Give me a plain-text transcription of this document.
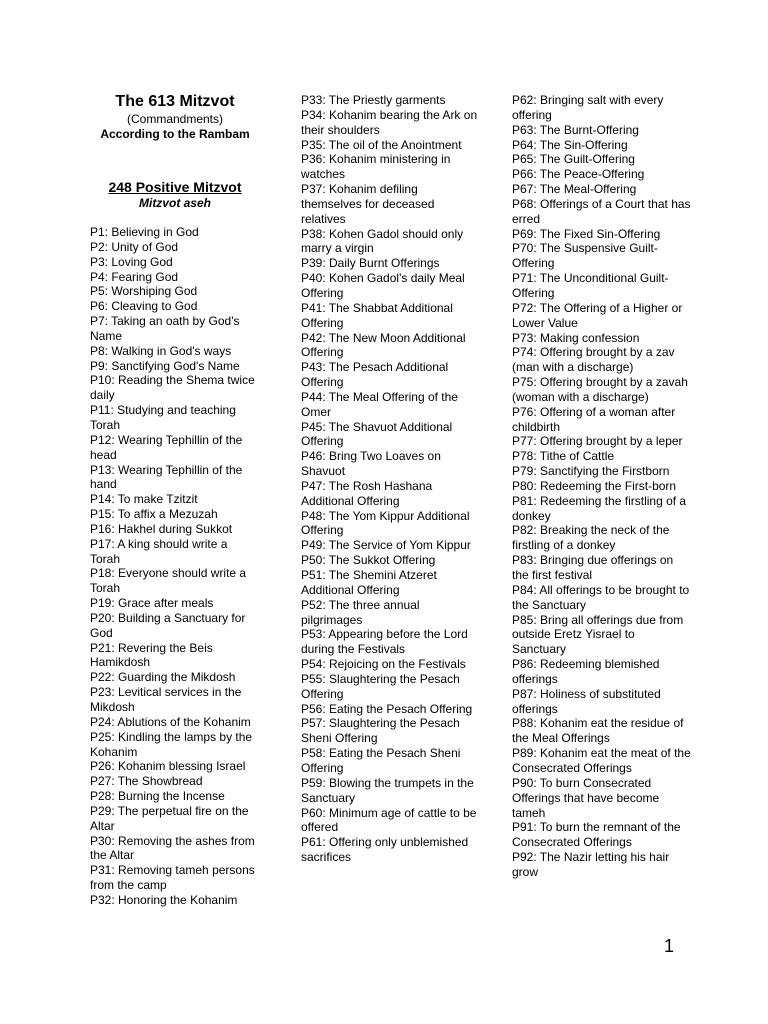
The 613 Mitzvot
(Commandments)
According to the Rambam
248 Positive Mitzvot
Mitzvot aseh
P1: Believing in God
P2: Unity of God
P3: Loving God
P4: Fearing God
P5: Worshiping God
P6: Cleaving to God
P7: Taking an oath by God's Name
P8: Walking in God's ways
P9: Sanctifying God's Name
P10: Reading the Shema twice daily
P11: Studying and teaching Torah
P12: Wearing Tephillin of the head
P13: Wearing Tephillin of the hand
P14: To make Tzitzit
P15: To affix a Mezuzah
P16: Hakhel during Sukkot
P17: A king should write a Torah
P18: Everyone should write a Torah
P19: Grace after meals
P20: Building a Sanctuary for God
P21: Revering the Beis Hamikdosh
P22: Guarding the Mikdosh
P23: Levitical services in the Mikdosh
P24: Ablutions of the Kohanim
P25: Kindling the lamps by the Kohanim
P26: Kohanim blessing Israel
P27: The Showbread
P28: Burning the Incense
P29: The perpetual fire on the Altar
P30: Removing the ashes from the Altar
P31: Removing tameh persons from the camp
P32: Honoring the Kohanim
P33: The Priestly garments
P34: Kohanim bearing the Ark on their shoulders
P35: The oil of the Anointment
P36: Kohanim ministering in watches
P37: Kohanim defiling themselves for deceased relatives
P38: Kohen Gadol should only marry a virgin
P39: Daily Burnt Offerings
P40: Kohen Gadol's daily Meal Offering
P41: The Shabbat Additional Offering
P42: The New Moon Additional Offering
P43: The Pesach Additional Offering
P44: The Meal Offering of the Omer
P45: The Shavuot Additional Offering
P46: Bring Two Loaves on Shavuot
P47: The Rosh Hashana Additional Offering
P48: The Yom Kippur Additional Offering
P49: The Service of Yom Kippur
P50: The Sukkot Offering
P51: The Shemini Atzeret Additional Offering
P52: The three annual pilgrimages
P53: Appearing before the Lord during the Festivals
P54: Rejoicing on the Festivals
P55: Slaughtering the Pesach Offering
P56: Eating the Pesach Offering
P57: Slaughtering the Pesach Sheni Offering
P58: Eating the Pesach Sheni Offering
P59: Blowing the trumpets in the Sanctuary
P60: Minimum age of cattle to be offered
P61: Offering only unblemished sacrifices
P62: Bringing salt with every offering
P63: The Burnt-Offering
P64: The Sin-Offering
P65: The Guilt-Offering
P66: The Peace-Offering
P67: The Meal-Offering
P68: Offerings of a Court that has erred
P69: The Fixed Sin-Offering
P70: The Suspensive Guilt-Offering
P71: The Unconditional Guilt-Offering
P72: The Offering of a Higher or Lower Value
P73: Making confession
P74: Offering brought by a zav (man with a discharge)
P75: Offering brought by a zavah (woman with a discharge)
P76: Offering of a woman after childbirth
P77: Offering brought by a leper
P78: Tithe of Cattle
P79: Sanctifying the Firstborn
P80: Redeeming the First-born
P81: Redeeming the firstling of a donkey
P82: Breaking the neck of the firstling of a donkey
P83: Bringing due offerings on the first festival
P84: All offerings to be brought to the Sanctuary
P85: Bring all offerings due from outside Eretz Yisrael to Sanctuary
P86: Redeeming blemished offerings
P87: Holiness of substituted offerings
P88: Kohanim eat the residue of the Meal Offerings
P89: Kohanim eat the meat of the Consecrated Offerings
P90: To burn Consecrated Offerings that have become tameh
P91: To burn the remnant of the Consecrated Offerings
P92: The Nazir letting his hair grow
1
